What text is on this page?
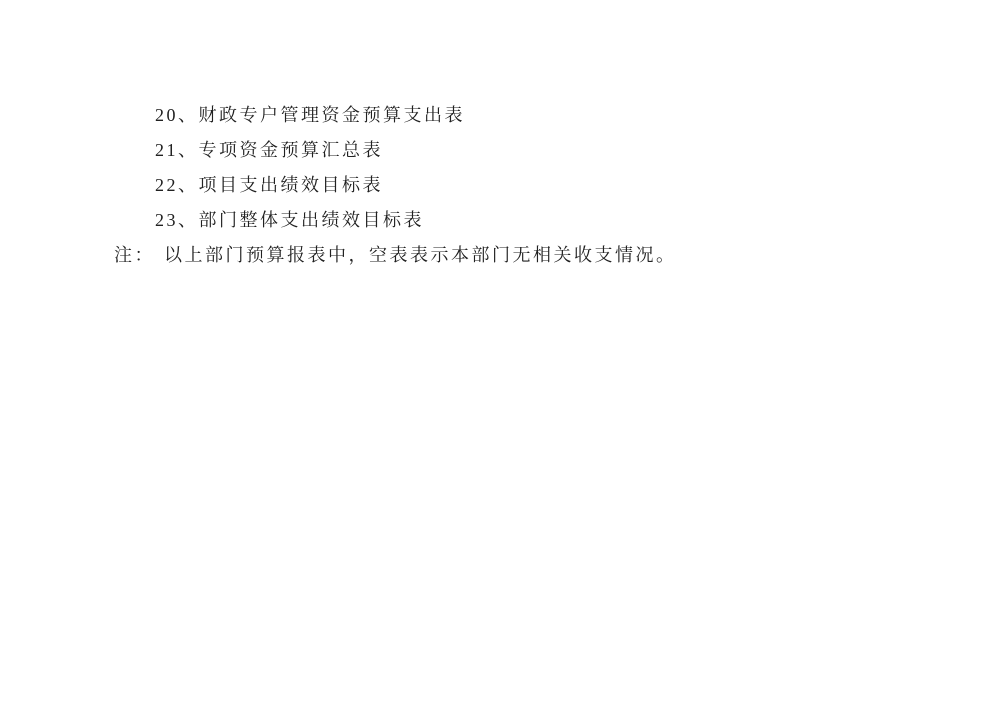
20、财政专户管理资金预算支出表
21、专项资金预算汇总表
22、项目支出绩效目标表
23、部门整体支出绩效目标表
注： 以上部门预算报表中，空表表示本部门无相关收支情况。
